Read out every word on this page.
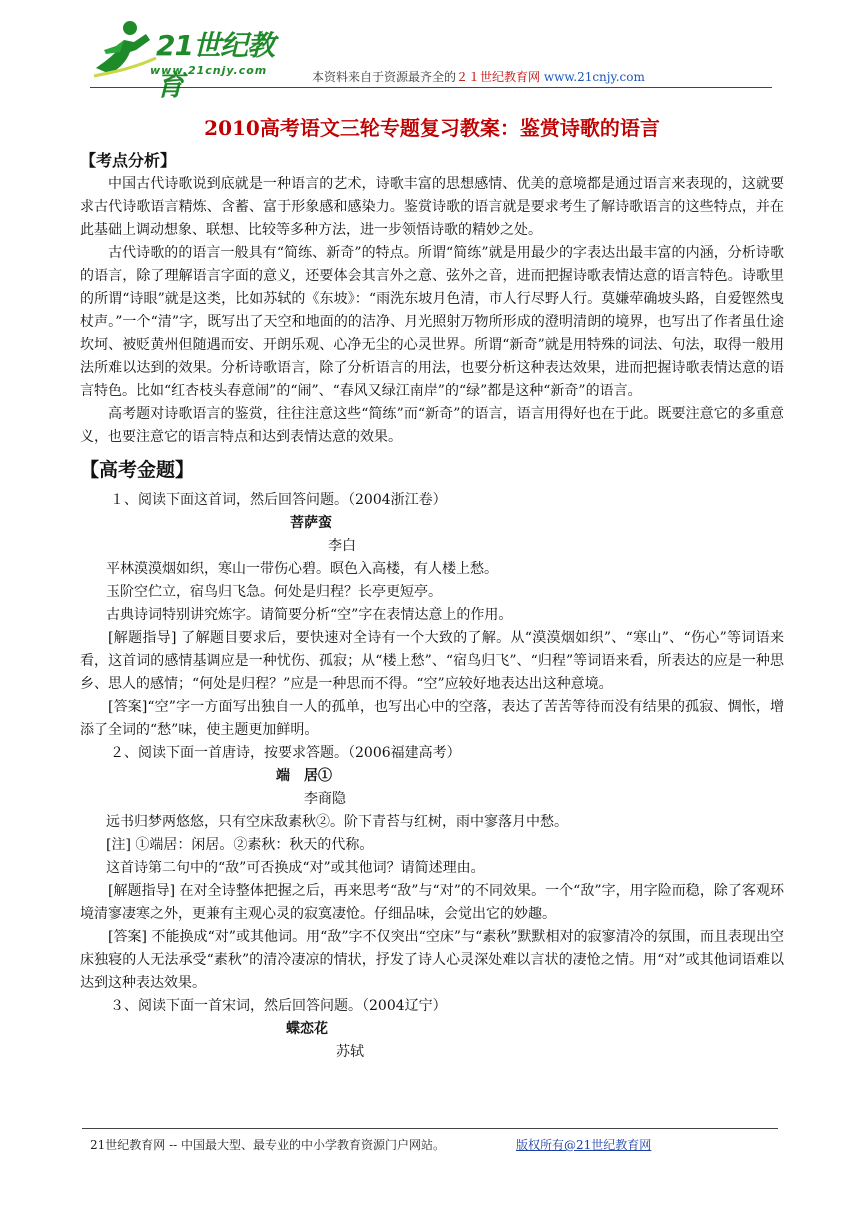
21世纪教育
www.21cnjy.com	本资料来自于资源最齐全的２１世纪教育网 www.21cnjy.com
2010高考语文三轮专题复习教案：鉴赏诗歌的语言
【考点分析】

中国古代诗歌说到底就是一种语言的艺术，诗歌丰富的思想感情、优美的意境都是通过语言来表现的，这就要求古代诗歌语言精炼、含蓄、富于形象感和感染力。鉴赏诗歌的语言就是要求考生了解诗歌语言的这些特点，并在此基础上调动想象、联想、比较等多种方法，进一步领悟诗歌的精妙之处。

古代诗歌的的语言一般具有“简练、新奇”的特点。所谓“简练”就是用最少的字表达出最丰富的内涵，分析诗歌的语言，除了理解语言字面的意义，还要体会其言外之意、弦外之音，进而把握诗歌表情达意的语言特色。诗歌里的所谓“诗眼”就是这类，比如苏轼的《东坡》：“雨洗东坡月色清，市人行尽野人行。莫嫌荦确坡头路，自爱铿然曳杖声。”一个“清”字，既写出了天空和地面的的洁净、月光照射万物所形成的澄明清朗的境界，也写出了作者虽仕途坎坷、被贬黄州但随遇而安、开朗乐观、心净无尘的心灵世界。所谓“新奇”就是用特殊的词法、句法，取得一般用法所难以达到的效果。分析诗歌语言，除了分析语言的用法，也要分析这种表达效果，进而把握诗歌表情达意的语言特色。比如“红杏枝头春意闹”的“闹”、“春风又绿江南岸”的“绿”都是这种“新奇”的语言。

高考题对诗歌语言的鉴赏，往往注意这些“简练”而“新奇”的语言，语言用得好也在于此。既要注意它的多重意义，也要注意它的语言特点和达到表情达意的效果。

【高考金题】

１、阅读下面这首词，然后回答问题。（2004浙江卷）

菩萨蛮

李白

平林漠漠烟如织，寒山一带伤心碧。暝色入高楼，有人楼上愁。

玉阶空伫立，宿鸟归飞急。何处是归程？长亭更短亭。

古典诗词特别讲究炼字。请简要分析“空”字在表情达意上的作用。

[解题指导] 了解题目要求后，要快速对全诗有一个大致的了解。从“漠漠烟如织”、“寒山”、“伤心”等词语来看，这首词的感情基调应是一种忧伤、孤寂；从“楼上愁”、“宿鸟归飞”、“归程”等词语来看，所表达的应是一种思乡、思人的感情；“何处是归程？”应是一种思而不得。“空”应较好地表达出这种意境。

[答案]“空”字一方面写出独自一人的孤单，也写出心中的空落，表达了苦苦等待而没有结果的孤寂、惆怅，增添了全词的“愁”味，使主题更加鲜明。

２、阅读下面一首唐诗，按要求答题。（2006福建高考）

端　居①

李商隐

远书归梦两悠悠，只有空床敌素秋②。阶下青苔与红树，雨中寥落月中愁。

[注] ①端居：闲居。②素秋：秋天的代称。

这首诗第二句中的“敌”可否换成“对”或其他词？请简述理由。

[解题指导] 在对全诗整体把握之后，再来思考“敌”与“对”的不同效果。一个“敌”字，用字险而稳，除了客观环境清寥凄寒之外，更兼有主观心灵的寂寞凄怆。仔细品味，会觉出它的妙趣。

[答案] 不能换成“对”或其他词。用“敌”字不仅突出“空床”与“素秋”默默相对的寂寥清冷的氛围，而且表现出空床独寝的人无法承受“素秋”的清冷凄凉的情状，抒发了诗人心灵深处难以言状的凄怆之情。用“对”或其他词语难以达到这种表达效果。

３、阅读下面一首宋词，然后回答问题。（2004辽宁）

蝶恋花

苏轼

21世纪教育网 -- 中国最大型、最专业的中小学教育资源门户网站。	版权所有@21世纪教育网
